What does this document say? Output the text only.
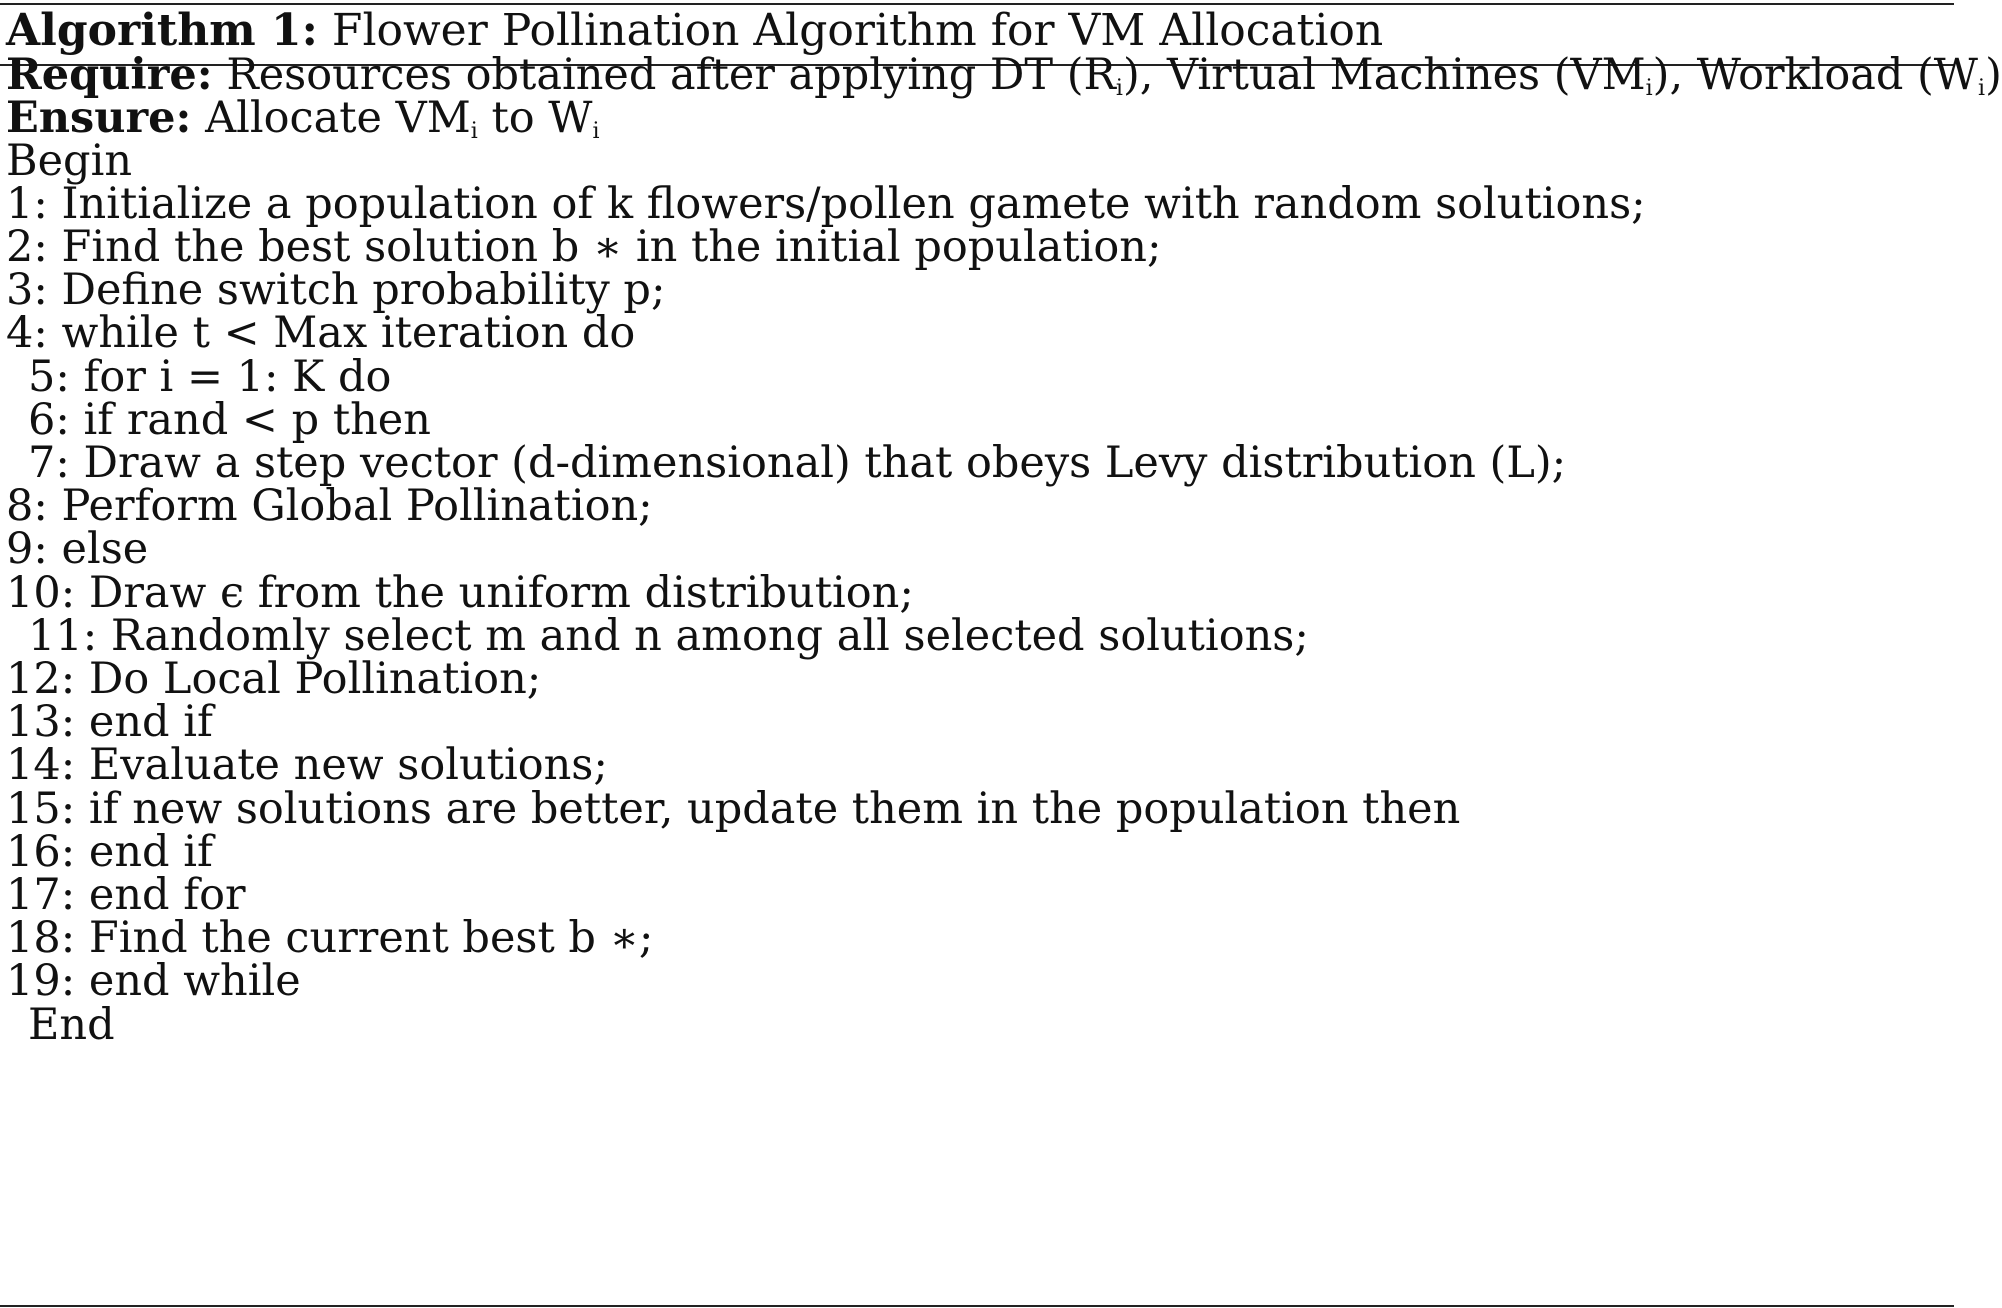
Algorithm 1: Flower Pollination Algorithm for VM Allocation
Require: Resources obtained after applying DT $(R_i)$, Virtual Machines $(VM_i)$, Workload $(W_i)$
Ensure: Allocate $VM_i$ to $W_i$
Begin
1: Initialize a population of k flowers/pollen gamete with random solutions;
2: Find the best solution b ∗ in the initial population;
3: Define switch probability p;
4: while t < Max iteration do
5: for i = 1: K do
6: if rand < p then
7: Draw a step vector (d-dimensional) that obeys Levy distribution (L);
8: Perform Global Pollination;
9: else
10: Draw ϵ from the uniform distribution;
11: Randomly select m and n among all selected solutions;
12: Do Local Pollination;
13: end if
14: Evaluate new solutions;
15: if new solutions are better, update them in the population then
16: end if
17: end for
18: Find the current best b ∗;
19: end while
End
